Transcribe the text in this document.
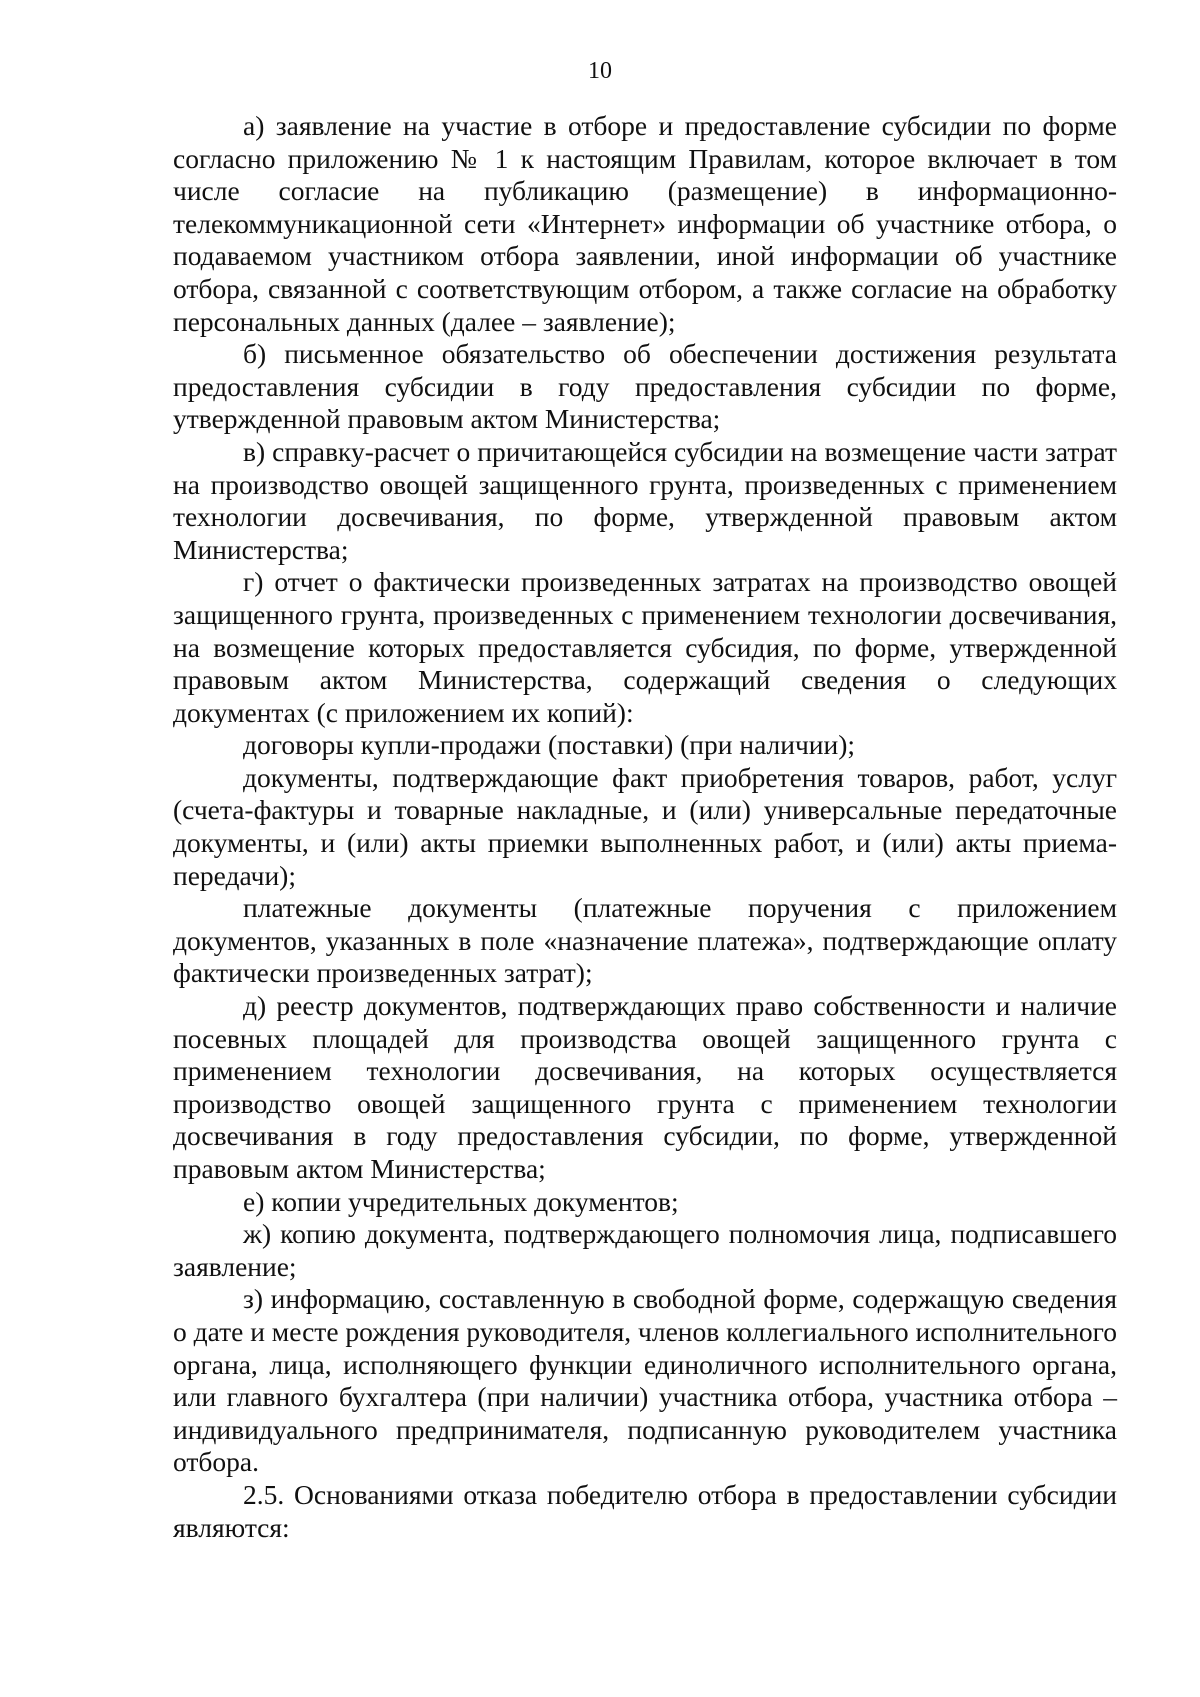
10

а) заявление на участие в отборе и предоставление субсидии по форме согласно приложению № 1 к настоящим Правилам, которое включает в том числе согласие на публикацию (размещение) в информационно-телекоммуникационной сети «Интернет» информации об участнике отбора, о подаваемом участником отбора заявлении, иной информации об участнике отбора, связанной с соответствующим отбором, а также согласие на обработку персональных данных (далее – заявление);

б) письменное обязательство об обеспечении достижения результата предоставления субсидии в году предоставления субсидии по форме, утвержденной правовым актом Министерства;

в) справку-расчет о причитающейся субсидии на возмещение части затрат на производство овощей защищенного грунта, произведенных с применением технологии досвечивания, по форме, утвержденной правовым актом Министерства;

г) отчет о фактически произведенных затратах на производство овощей защищенного грунта, произведенных с применением технологии досвечивания, на возмещение которых предоставляется субсидия, по форме, утвержденной правовым актом Министерства, содержащий сведения о следующих документах (с приложением их копий):

договоры купли-продажи (поставки) (при наличии);

документы, подтверждающие факт приобретения товаров, работ, услуг (счета-фактуры и товарные накладные, и (или) универсальные передаточные документы, и (или) акты приемки выполненных работ, и (или) акты приема-передачи);

платежные документы (платежные поручения с приложением документов, указанных в поле «назначение платежа», подтверждающие оплату фактически произведенных затрат);

д) реестр документов, подтверждающих право собственности и наличие посевных площадей для производства овощей защищенного грунта с применением технологии досвечивания, на которых осуществляется производство овощей защищенного грунта с применением технологии досвечивания в году предоставления субсидии, по форме, утвержденной правовым актом Министерства;

е) копии учредительных документов;

ж) копию документа, подтверждающего полномочия лица, подписавшего заявление;

з) информацию, составленную в свободной форме, содержащую сведения о дате и месте рождения руководителя, членов коллегиального исполнительного органа, лица, исполняющего функции единоличного исполнительного органа, или главного бухгалтера (при наличии) участника отбора, участника отбора – индивидуального предпринимателя, подписанную руководителем участника отбора.

2.5. Основаниями отказа победителю отбора в предоставлении субсидии являются:
